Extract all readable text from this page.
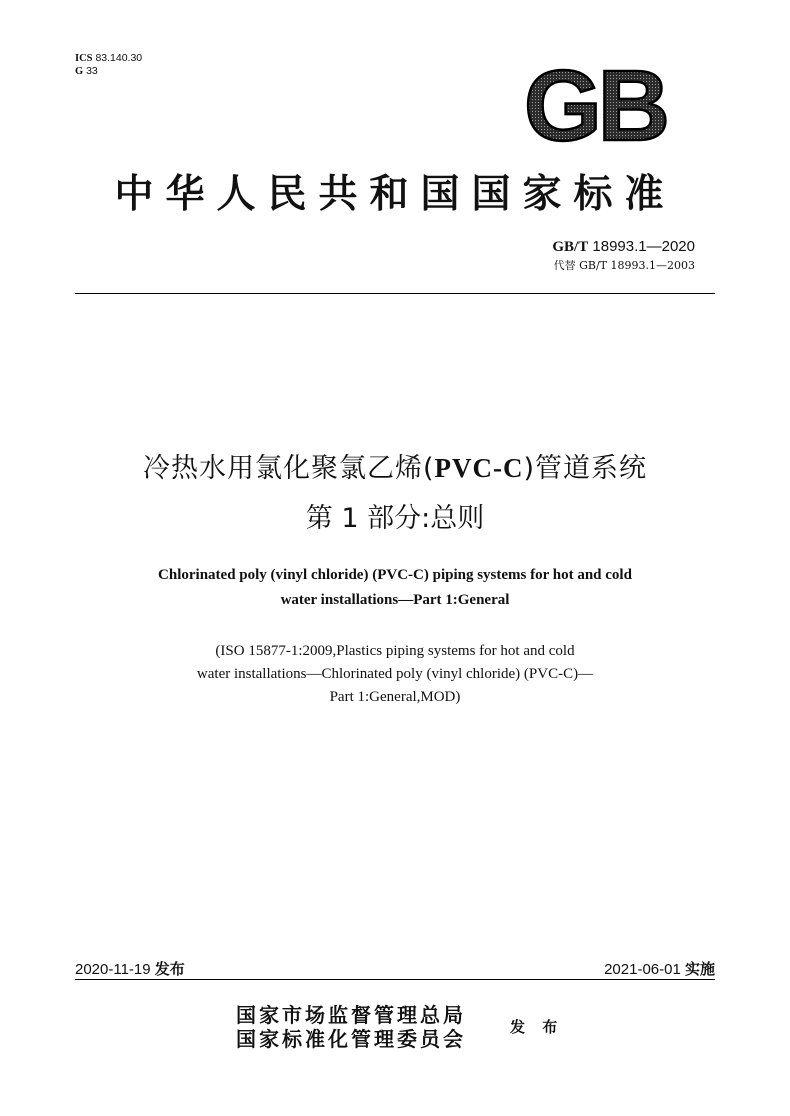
ICS 83.140.30
G 33	GB
中华人民共和国国家标准
GB/T 18993.1—2020
代替 GB/T 18993.1—2003
冷热水用氯化聚氯乙烯(PVC-C)管道系统
第 1 部分:总则
Chlorinated poly (vinyl chloride) (PVC-C) piping systems for hot and cold
water installations—Part 1:General
(ISO 15877-1:2009,Plastics piping systems for hot and cold
water installations—Chlorinated poly (vinyl chloride) (PVC-C)—
Part 1:General,MOD)
2020-11-19 发布	2021-06-01 实施
国家市场监督管理总局
国家标准化管理委员会	发 布
